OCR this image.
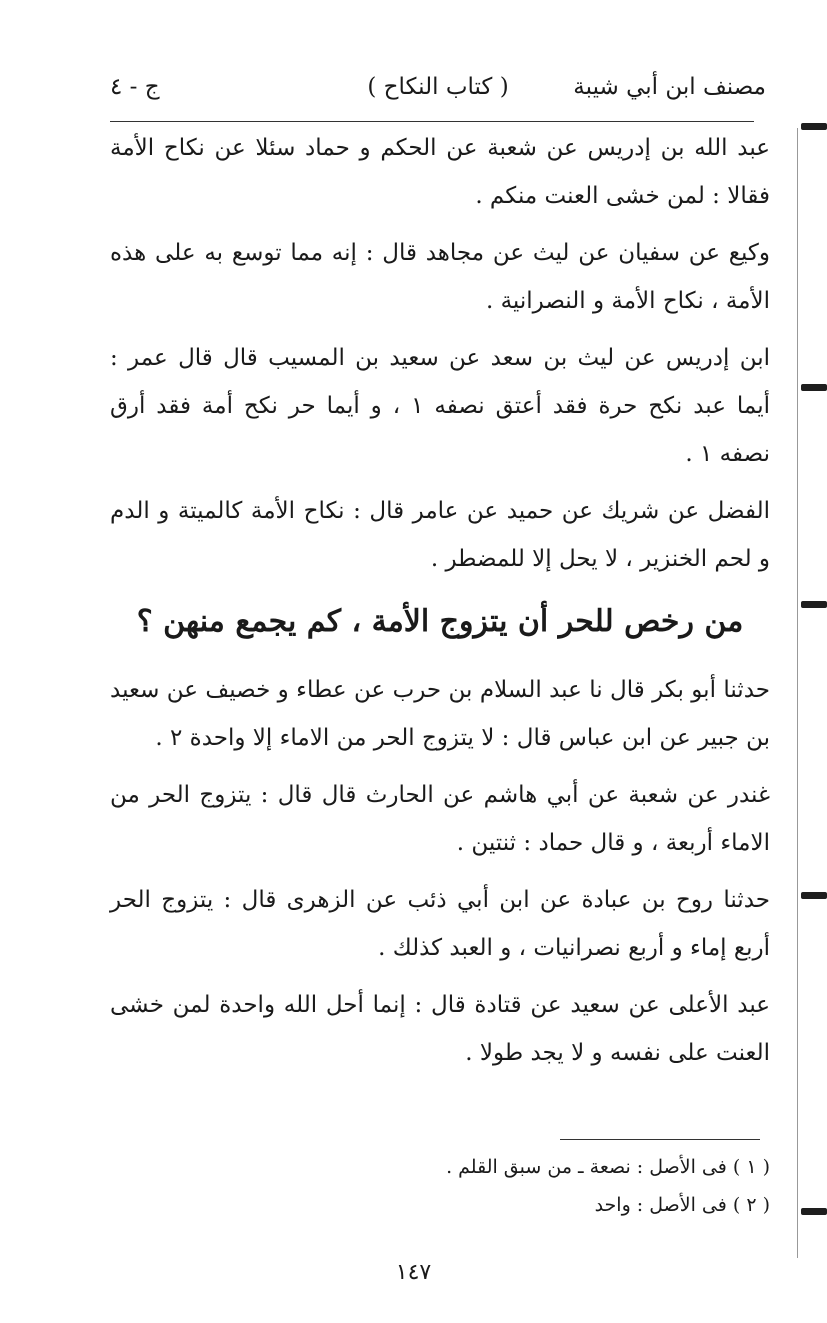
مصنف ابن أبي شيبة
( كتاب النكاح )
ج - ٤

عبد الله بن إدريس عن شعبة عن الحكم و حماد سئلا عن نكاح الأمة فقالا : لمن خشى العنت منكم .

وكيع عن سفيان عن ليث عن مجاهد قال : إنه مما توسع به على هذه الأمة ، نكاح الأمة و النصرانية .

ابن إدريس عن ليث بن سعد عن سعيد بن المسيب قال قال عمر : أيما عبد نكح حرة فقد أعتق نصفه ١ ، و أيما حر نكح أمة فقد أرق نصفه ١ .

الفضل عن شريك عن حميد عن عامر قال : نكاح الأمة كالميتة و الدم و لحم الخنزير ، لا يحل إلا للمضطر .

من رخص للحر أن يتزوج الأمة ، كم يجمع منهن ؟

حدثنا أبو بكر قال نا عبد السلام بن حرب عن عطاء و خصيف عن سعيد بن جبير عن ابن عباس قال : لا يتزوج الحر من الاماء إلا واحدة ٢ .

غندر عن شعبة عن أبي هاشم عن الحارث قال قال : يتزوج الحر من الاماء أربعة ، و قال حماد : ثنتين .

حدثنا روح بن عبادة عن ابن أبي ذئب عن الزهرى قال : يتزوج الحر أربع إماء و أربع نصرانيات ، و العبد كذلك .

عبد الأعلى عن سعيد عن قتادة قال : إنما أحل الله واحدة لمن خشى العنت على نفسه و لا يجد طولا .

( ١ ) فى الأصل : نصعة ـ من سبق القلم .
( ٢ ) فى الأصل : واحد
١٤٧
